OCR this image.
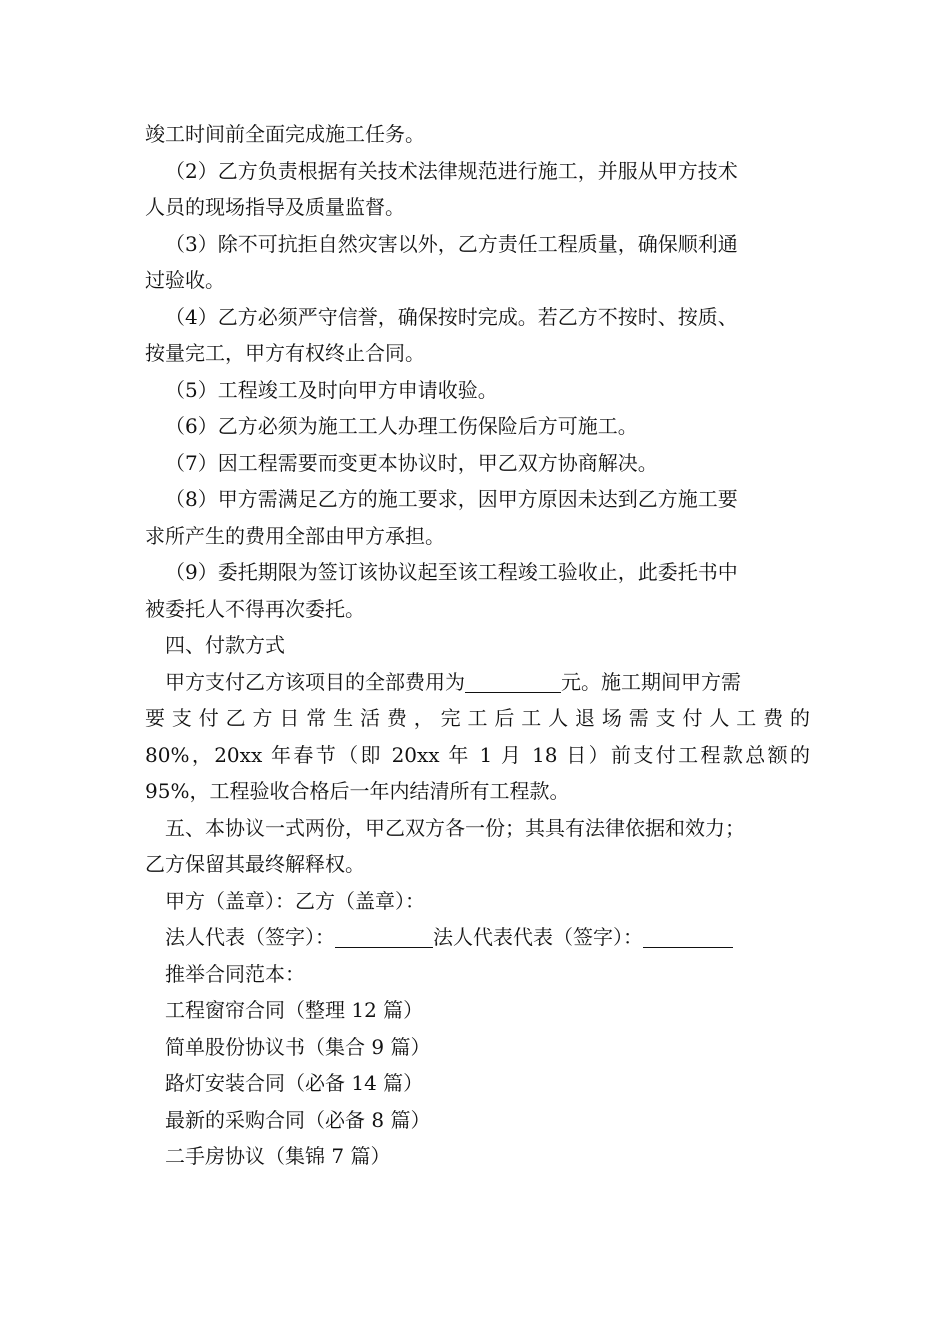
竣工时间前全面完成施工任务。
（2）乙方负责根据有关技术法律规范进行施工，并服从甲方技术
人员的现场指导及质量监督。
（3）除不可抗拒自然灾害以外，乙方责任工程质量，确保顺利通
过验收。
（4）乙方必须严守信誉，确保按时完成。若乙方不按时、按质、
按量完工，甲方有权终止合同。
（5）工程竣工及时向甲方申请收验。
（6）乙方必须为施工工人办理工伤保险后方可施工。
（7）因工程需要而变更本协议时，甲乙双方协商解决。
（8）甲方需满足乙方的施工要求，因甲方原因未达到乙方施工要
求所产生的费用全部由甲方承担。
（9）委托期限为签订该协议起至该工程竣工验收止，此委托书中
被委托人不得再次委托。
四、付款方式
甲方支付乙方该项目的全部费用为	元。施工期间甲方需
要支付乙方日常生活费，完工后工人退场需支付人工费的
80%，20xx 年春节（即 20xx 年 1 月 18 日）前支付工程款总额的
95%，工程验收合格后一年内结清所有工程款。
五、本协议一式两份，甲乙双方各一份；其具有法律依据和效力；
乙方保留其最终解释权。
甲方（盖章）：乙方（盖章）：
法人代表（签字）：	法人代表代表（签字）：
推举合同范本：
工程窗帘合同（整理 12 篇）
简单股份协议书（集合 9 篇）
路灯安装合同（必备 14 篇）
最新的采购合同（必备 8 篇）
二手房协议（集锦 7 篇）
